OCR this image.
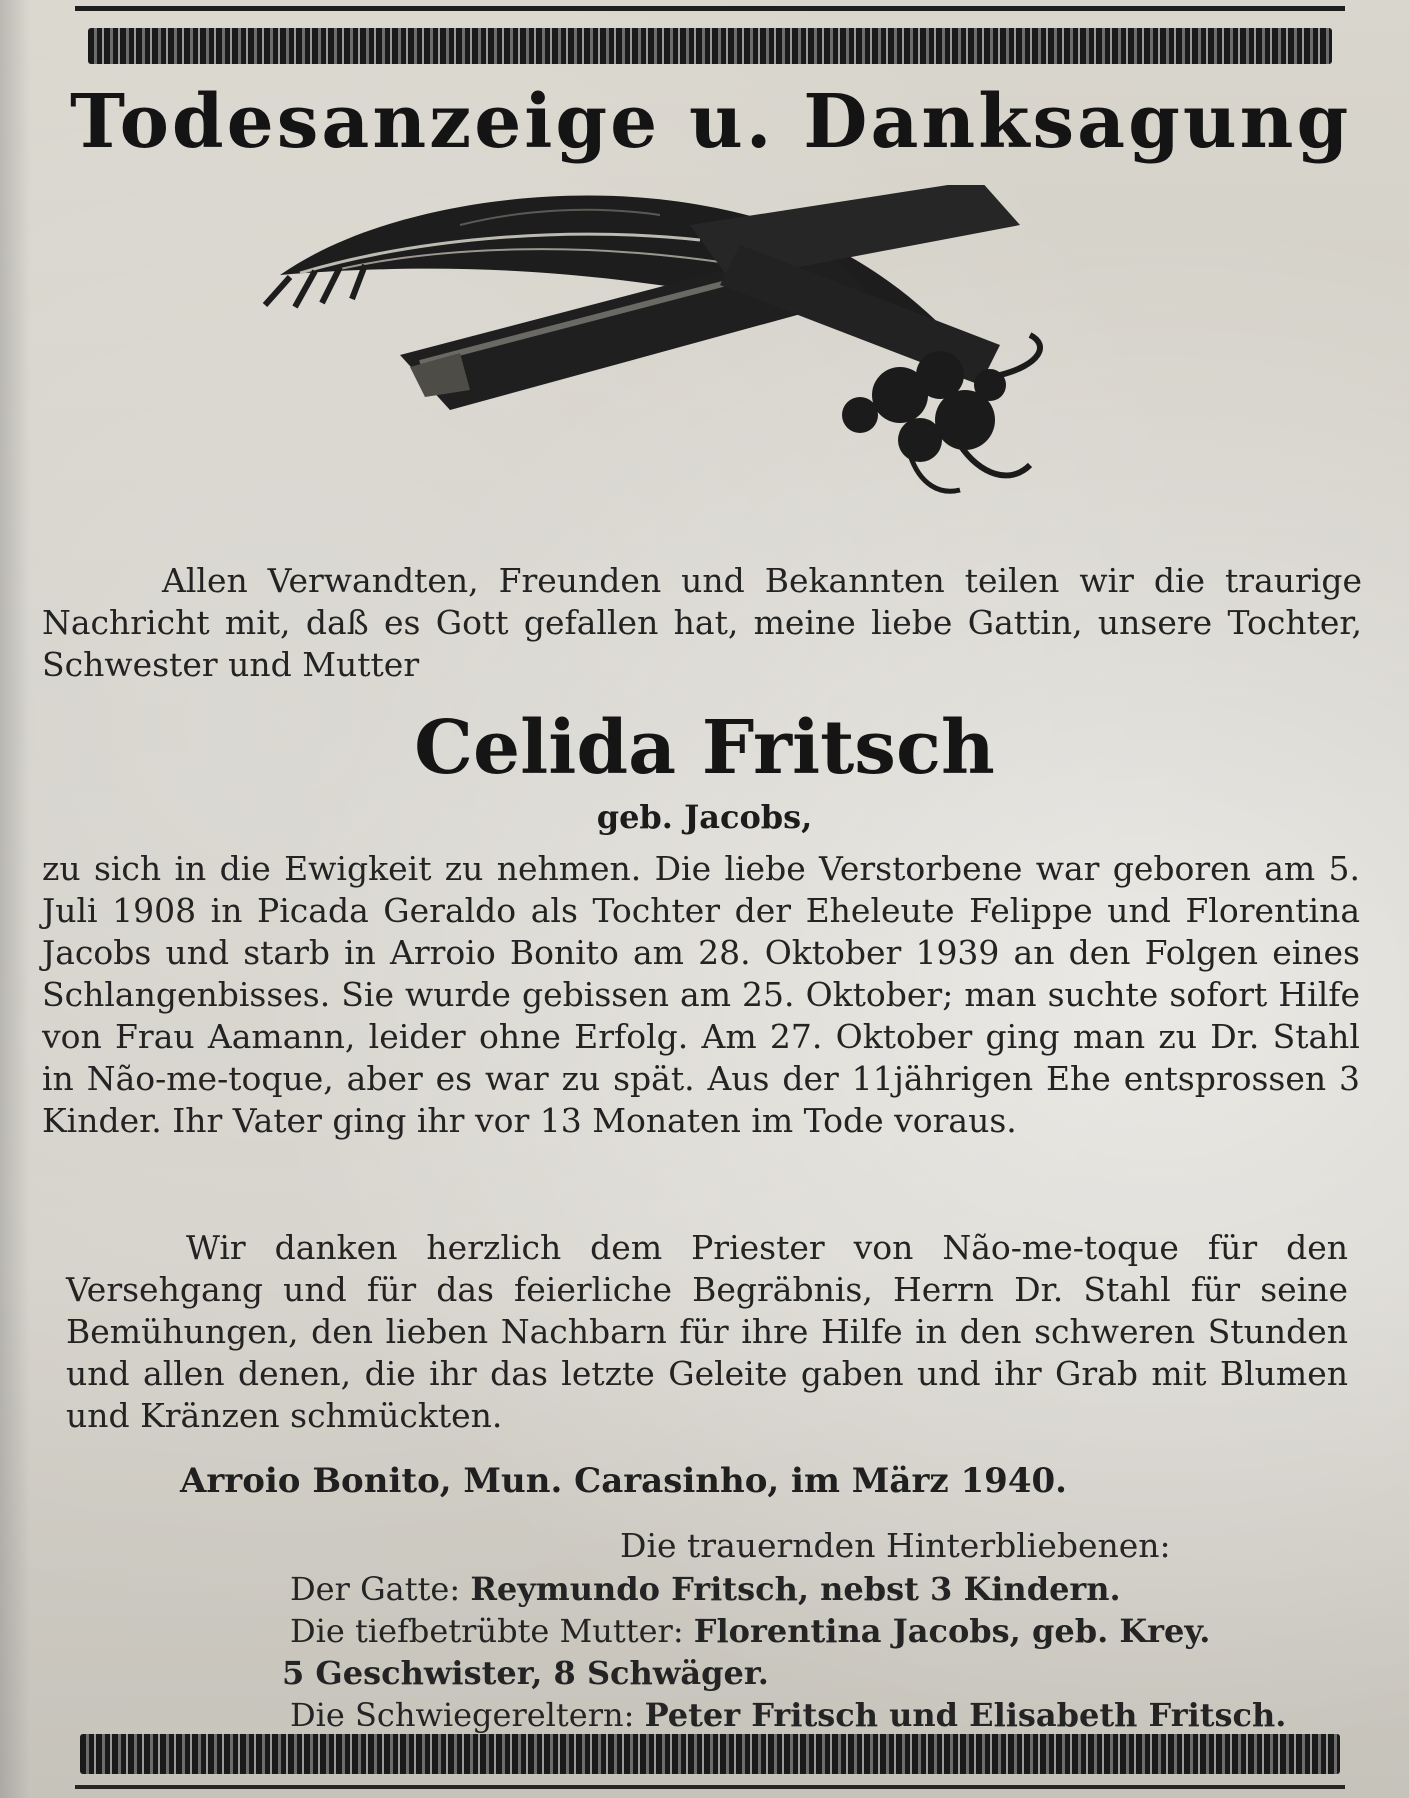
Todesanzeige u. Danksagung

Allen Verwandten, Freunden und Bekannten teilen wir die traurige Nachricht mit, daß es Gott gefallen hat, meine liebe Gattin, unsere Tochter, Schwester und Mutter

Celida Fritsch

geb. Jacobs,

zu sich in die Ewigkeit zu nehmen. Die liebe Verstorbene war geboren am 5. Juli 1908 in Picada Geraldo als Tochter der Eheleute Felippe und Florentina Jacobs und starb in Arroio Bonito am 28. Oktober 1939 an den Folgen eines Schlangenbisses. Sie wurde gebissen am 25. Oktober; man suchte sofort Hilfe von Frau Aamann, leider ohne Erfolg. Am 27. Oktober ging man zu Dr. Stahl in Não-me-toque, aber es war zu spät. Aus der 11jährigen Ehe entsprossen 3 Kinder. Ihr Vater ging ihr vor 13 Monaten im Tode voraus.

Wir danken herzlich dem Priester von Não-me-toque für den Versehgang und für das feierliche Begräbnis, Herrn Dr. Stahl für seine Bemühungen, den lieben Nachbarn für ihre Hilfe in den schweren Stunden und allen denen, die ihr das letzte Geleite gaben und ihr Grab mit Blumen und Kränzen schmückten.

Arroio Bonito, Mun. Carasinho, im März 1940.

Die trauernden Hinterbliebenen:

Der Gatte: Reymundo Fritsch, nebst 3 Kindern.
Die tiefbetrübte Mutter: Florentina Jacobs, geb. Krey.
5 Geschwister, 8 Schwäger.
Die Schwiegereltern: Peter Fritsch und Elisabeth Fritsch.
